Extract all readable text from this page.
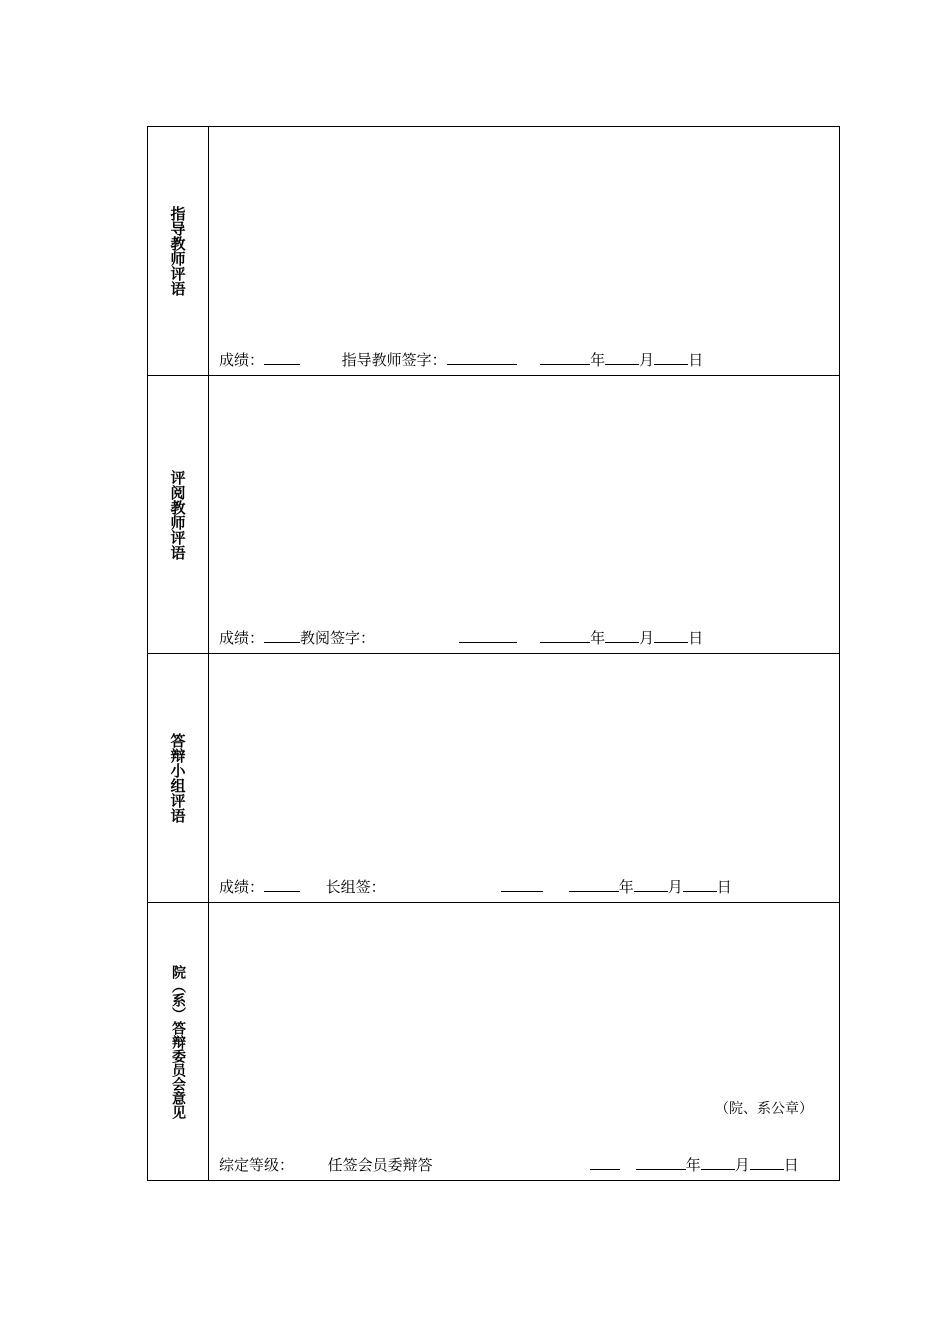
指导教师评语
成绩：	指导教师签字：	年 月 日
评阅教师评语
成绩： 教阅签字：	年 月 日
答辩小组评语
成绩：	长组签：	年 月 日
院（系）答辩委员会意见	（院、系公章）
综定等级： 任签会员委辩答	年 月 日
